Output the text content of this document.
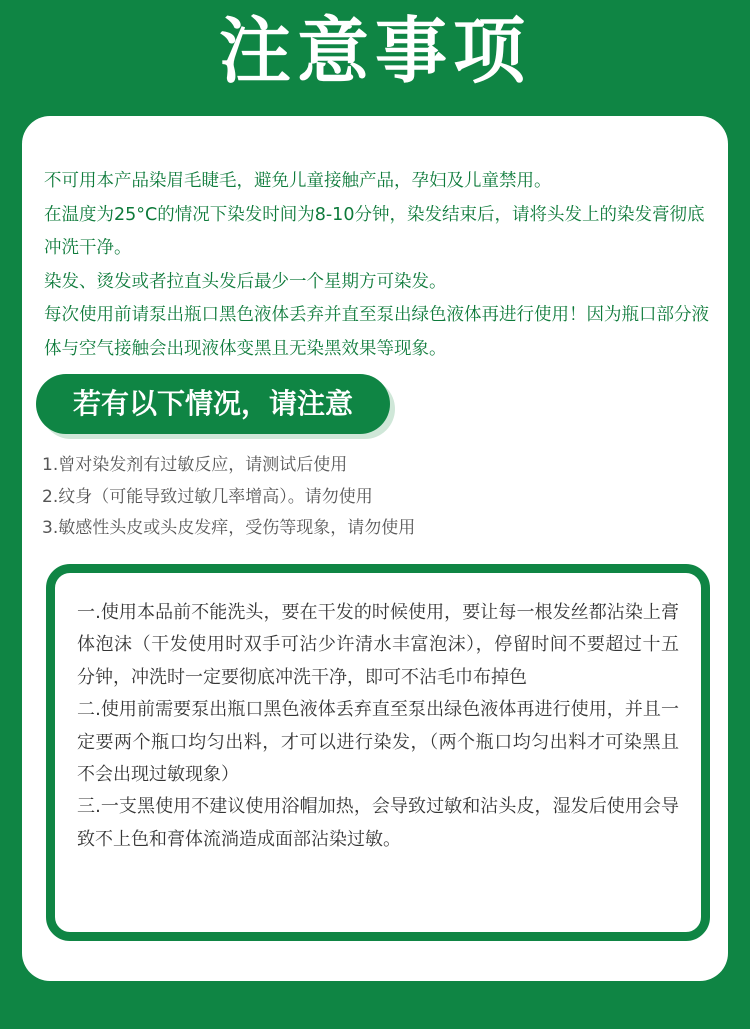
注意事项
不可用本产品染眉毛睫毛，避免儿童接触产品，孕妇及儿童禁用。
在温度为25°C的情况下染发时间为8-10分钟，染发结束后，请将头发上的染发膏彻底冲洗干净。
染发、烫发或者拉直头发后最少一个星期方可染发。
每次使用前请泵出瓶口黑色液体丢弃并直至泵出绿色液体再进行使用！因为瓶口部分液体与空气接触会出现液体变黑且无染黑效果等现象。
若有以下情况，请注意
1.曾对染发剂有过敏反应，请测试后使用
2.纹身（可能导致过敏几率增高）。请勿使用
3.敏感性头皮或头皮发痒，受伤等现象，请勿使用
一.使用本品前不能洗头，要在干发的时候使用，要让每一根发丝都沾染上膏体泡沫（干发使用时双手可沾少许清水丰富泡沫），停留时间不要超过十五分钟，冲洗时一定要彻底冲洗干净，即可不沾毛巾布掉色
二.使用前需要泵出瓶口黑色液体丢弃直至泵出绿色液体再进行使用，并且一定要两个瓶口均匀出料，才可以进行染发，（两个瓶口均匀出料才可染黑且不会出现过敏现象）
三.一支黑使用不建议使用浴帽加热，会导致过敏和沾头皮，湿发后使用会导致不上色和膏体流淌造成面部沾染过敏。
